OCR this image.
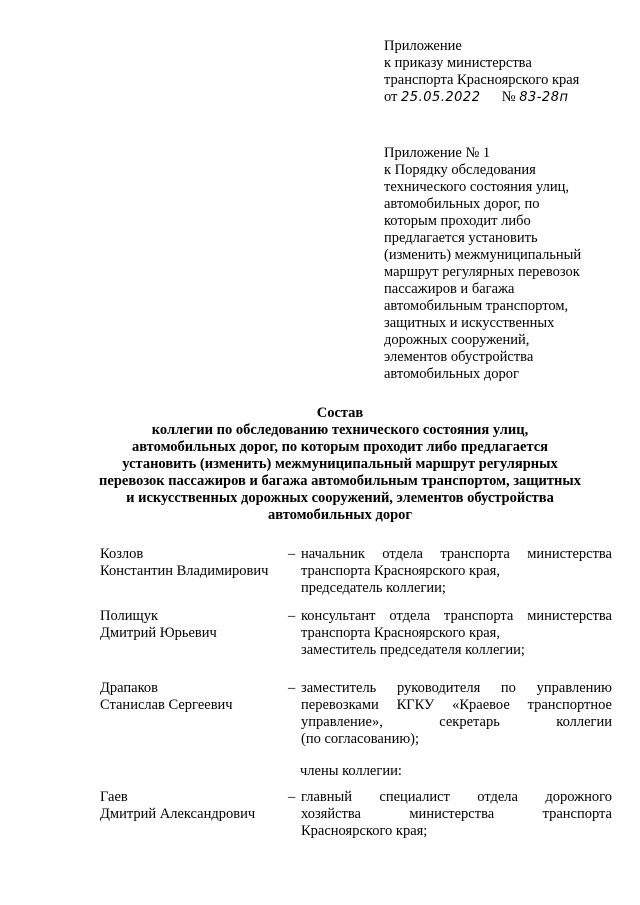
Приложение
к приказу министерства
транспорта Красноярского края
от 25.05.2022 № 83-28п
Приложение № 1
к Порядку обследования
технического состояния улиц,
автомобильных дорог, по
которым проходит либо
предлагается установить
(изменить) межмуниципальный
маршрут регулярных перевозок
пассажиров и багажа
автомобильным транспортом,
защитных и искусственных
дорожных сооружений,
элементов обустройства
автомобильных дорог
Состав
коллегии по обследованию технического состояния улиц,
автомобильных дорог, по которым проходит либо предлагается
установить (изменить) межмуниципальный маршрут регулярных
перевозок пассажиров и багажа автомобильным транспортом, защитных
и искусственных дорожных сооружений, элементов обустройства
автомобильных дорог
Козлов
Константин Владимирович
– начальник отдела транспорта министерства
транспорта Красноярского края,
председатель коллегии;
Полищук
Дмитрий Юрьевич
– консультант отдела транспорта министерства
транспорта Красноярского края,
заместитель председателя коллегии;
Драпаков
Станислав Сергеевич
– заместитель руководителя по управлению
перевозками КГКУ «Краевое транспортное
управление», секретарь коллегии
(по согласованию);
члены коллегии:
Гаев
Дмитрий Александрович
– главный специалист отдела дорожного
хозяйства министерства транспорта
Красноярского края;
